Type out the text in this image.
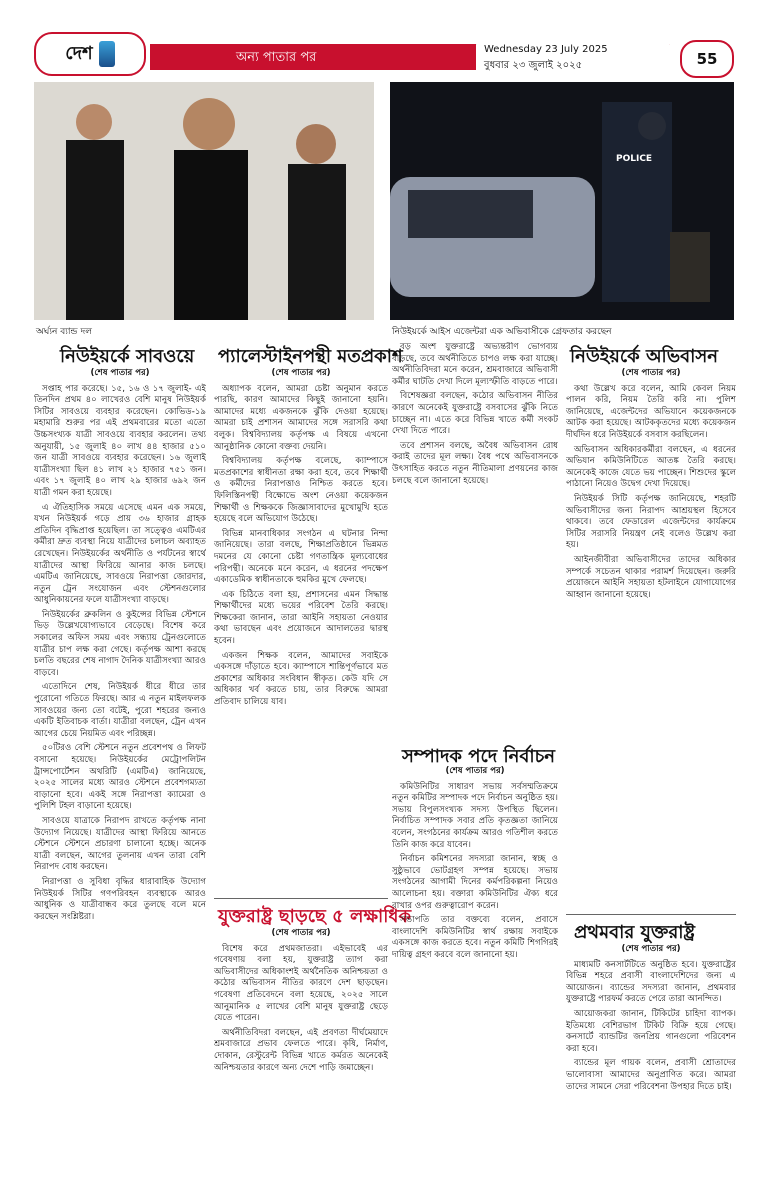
দেশ	অন্য পাতার পর
Wednesday 23 July 2025
বুধবার ২৩ জুলাই ২০২৫	55
অর্ঘ্যন ব্যান্ড দল
POLICE
নিউইয়র্কে আইস এজেন্টরা এক অভিবাসীকে গ্রেফতার করছেন
নিউইয়র্কে সাবওয়ে

(শেষ পাতার পর)

সপ্তাহ পার করেছে। ১৫, ১৬ ও ১৭ জুলাই- এই তিনদিন প্রথম ৪০ লাখেরও বেশি মানুষ নিউইয়র্ক সিটির সাবওয়ে ব্যবহার করেছেন। কোভিড-১৯ মহামারি শুরুর পর এই প্রথমবারের মতো এতো উচ্চসংখ্যক যাত্রী সাবওয়ে ব্যবহার করলেন। তথ্য অনুযায়ী, ১৫ জুলাই ৪০ লাখ ৪৪ হাজার ৫১০ জন যাত্রী সাবওয়ে ব্যবহার করেছেন। ১৬ জুলাই যাত্রীসংখ্যা ছিল ৪১ লাখ ২১ হাজার ৭৫১ জন। এবং ১৭ জুলাই ৪০ লাখ ২৯ হাজার ৬৯২ জন যাত্রী গমন করা হয়েছে।

এ ঐতিহাসিক সময়ে এসেছে এমন এক সময়ে, যখন নিউইয়র্ক গড়ে প্রায় ৩৬ হাজার গ্রাহক প্রতিদিন বৃদ্ধিপ্রাপ্ত হয়েছিল। তা সত্ত্বেও এমটিএর কর্মীরা দ্রুত ব্যবস্থা নিয়ে যাত্রীদের চলাচল অব্যাহত রেখেছেন। নিউইয়র্কের অর্থনীতি ও পর্যটনের স্বার্থে যাত্রীদের আস্থা ফিরিয়ে আনার কাজ চলছে। এমটিএ জানিয়েছে, সাবওয়ে নিরাপত্তা জোরদার, নতুন ট্রেন সংযোজন এবং স্টেশনগুলোর আধুনিকায়নের ফলে যাত্রীসংখ্যা বাড়ছে।

নিউইয়র্কের ব্রুকলিন ও কুইন্সের বিভিন্ন স্টেশনে ভিড় উল্লেখযোগ্যভাবে বেড়েছে। বিশেষ করে সকালের অফিস সময় এবং সন্ধ্যায় ট্রেনগুলোতে যাত্রীর চাপ লক্ষ করা গেছে। কর্তৃপক্ষ আশা করছে চলতি বছরের শেষ নাগাদ দৈনিক যাত্রীসংখ্যা আরও বাড়বে।

এতোদিনে শেষ, নিউইয়র্ক ধীরে ধীরে তার পুরোনো গতিতে ফিরছে। আর এ নতুন মাইলফলক সাবওয়ের জন্য তো বটেই, পুরো শহরের জন্যও একটি ইতিবাচক বার্তা। যাত্রীরা বলছেন, ট্রেন এখন আগের চেয়ে নিয়মিত এবং পরিচ্ছন্ন।

৫০টিরও বেশি স্টেশনে নতুন প্রবেশপথ ও লিফট বসানো হয়েছে। নিউইয়র্কের মেট্রোপলিটন ট্রান্সপোর্টেশন অথরিটি (এমটিএ) জানিয়েছে, ২০২৫ সালের মধ্যে আরও স্টেশনে প্রবেশগম্যতা বাড়ানো হবে। একই সঙ্গে নিরাপত্তা ক্যামেরা ও পুলিশি টহল বাড়ানো হয়েছে।

সাবওয়ে যাত্রাকে নিরাপদ রাখতে কর্তৃপক্ষ নানা উদ্যোগ নিয়েছে। যাত্রীদের আস্থা ফিরিয়ে আনতে স্টেশনে স্টেশনে প্রচারণা চালানো হচ্ছে। অনেক যাত্রী বলছেন, আগের তুলনায় এখন তারা বেশি নিরাপদ বোধ করছেন।

নিরাপত্তা ও সুবিধা বৃদ্ধির ধারাবাহিক উদ্যোগ নিউইয়র্ক সিটির গণপরিবহন ব্যবস্থাকে আরও আধুনিক ও যাত্রীবান্ধব করে তুলছে বলে মনে করছেন সংশ্লিষ্টরা।

প্যালেস্টাইনপন্থী মতপ্রকাশ

(শেষ পাতার পর)

অধ্যাপক বলেন, আমরা চেষ্টা অনুমান করতে পারছি, কারণ আমাদের কিছুই জানানো হয়নি। আমাদের মধ্যে একজনকে ঝুঁকি দেওয়া হয়েছে। আমরা চাই প্রশাসন আমাদের সঙ্গে সরাসরি কথা বলুক। বিশ্ববিদ্যালয় কর্তৃপক্ষ এ বিষয়ে এখনো আনুষ্ঠানিক কোনো বক্তব্য দেয়নি।

বিশ্ববিদ্যালয় কর্তৃপক্ষ বলেছে, ক্যাম্পাসে মতপ্রকাশের স্বাধীনতা রক্ষা করা হবে, তবে শিক্ষার্থী ও কর্মীদের নিরাপত্তাও নিশ্চিত করতে হবে। ফিলিস্তিনপন্থী বিক্ষোভে অংশ নেওয়া কয়েকজন শিক্ষার্থী ও শিক্ষককে জিজ্ঞাসাবাদের মুখোমুখি হতে হয়েছে বলে অভিযোগ উঠেছে।

বিভিন্ন মানবাধিকার সংগঠন এ ঘটনার নিন্দা জানিয়েছে। তারা বলছে, শিক্ষাপ্রতিষ্ঠানে ভিন্নমত দমনের যে কোনো চেষ্টা গণতান্ত্রিক মূল্যবোধের পরিপন্থী। অনেকে মনে করেন, এ ধরনের পদক্ষেপ একাডেমিক স্বাধীনতাকে হুমকির মুখে ফেলছে।

এক চিঠিতে বলা হয়, প্রশাসনের এমন সিদ্ধান্ত শিক্ষার্থীদের মধ্যে ভয়ের পরিবেশ তৈরি করছে। শিক্ষকেরা জানান, তারা আইনি সহায়তা নেওয়ার কথা ভাবছেন এবং প্রয়োজনে আদালতের দ্বারস্থ হবেন।

একজন শিক্ষক বলেন, আমাদের সবাইকে একসঙ্গে দাঁড়াতে হবে। ক্যাম্পাসে শান্তিপূর্ণভাবে মত প্রকাশের অধিকার সংবিধান স্বীকৃত। কেউ যদি সে অধিকার খর্ব করতে চায়, তার বিরুদ্ধে আমরা প্রতিবাদ চালিয়ে যাব।

যুক্তরাষ্ট্র ছাড়ছে ৫ লক্ষাধিক

(শেষ পাতার পর)

বিশেষ করে প্রথমজাতরা। এইভাবেই এর গবেষণায় বলা হয়, যুক্তরাষ্ট্র ত্যাগ করা অভিবাসীদের অধিকাংশই অর্থনৈতিক অনিশ্চয়তা ও কঠোর অভিবাসন নীতির কারণে দেশ ছাড়ছেন। গবেষণা প্রতিবেদনে বলা হয়েছে, ২০২৫ সালে আনুমানিক ৫ লাখের বেশি মানুষ যুক্তরাষ্ট্র ছেড়ে যেতে পারেন।

অর্থনীতিবিদরা বলছেন, এই প্রবণতা দীর্ঘমেয়াদে শ্রমবাজারে প্রভাব ফেলতে পারে। কৃষি, নির্মাণ, দোকান, রেস্টুরেন্ট বিভিন্ন খাতে কর্মরত অনেকেই অনিশ্চয়তার কারণে অন্য দেশে পাড়ি জমাচ্ছেন।

বড় অংশ যুক্তরাষ্ট্রে অভ্যন্তরীণ ভোগব্যয় বাড়ছে, তবে অর্থনীতিতে চাপও লক্ষ করা যাচ্ছে। অর্থনীতিবিদরা মনে করেন, শ্রমবাজারে অভিবাসী কর্মীর ঘাটতি দেখা দিলে মূল্যস্ফীতি বাড়তে পারে।

বিশেষজ্ঞরা বলছেন, কঠোর অভিবাসন নীতির কারণে অনেকেই যুক্তরাষ্ট্রে বসবাসের ঝুঁকি নিতে চাচ্ছেন না। এতে করে বিভিন্ন খাতে কর্মী সংকট দেখা দিতে পারে।

তবে প্রশাসন বলছে, অবৈধ অভিবাসন রোধ করাই তাদের মূল লক্ষ্য। বৈধ পথে অভিবাসনকে উৎসাহিত করতে নতুন নীতিমালা প্রণয়নের কাজ চলছে বলে জানানো হয়েছে।

সম্পাদক পদে নির্বাচন

(শেষ পাতার পর)

কমিউনিটির সাধারণ সভায় সর্বসম্মতিক্রমে নতুন কমিটির সম্পাদক পদে নির্বাচন অনুষ্ঠিত হয়। সভায় বিপুলসংখ্যক সদস্য উপস্থিত ছিলেন। নির্বাচিত সম্পাদক সবার প্রতি কৃতজ্ঞতা জানিয়ে বলেন, সংগঠনের কার্যক্রম আরও গতিশীল করতে তিনি কাজ করে যাবেন।

নির্বাচন কমিশনের সদস্যরা জানান, স্বচ্ছ ও সুষ্ঠুভাবে ভোটগ্রহণ সম্পন্ন হয়েছে। সভায় সংগঠনের আগামী দিনের কর্মপরিকল্পনা নিয়েও আলোচনা হয়। বক্তারা কমিউনিটির ঐক্য ধরে রাখার ওপর গুরুত্বারোপ করেন।

সভাপতি তার বক্তব্যে বলেন, প্রবাসে বাংলাদেশি কমিউনিটির স্বার্থ রক্ষায় সবাইকে একসঙ্গে কাজ করতে হবে। নতুন কমিটি শিগগিরই দায়িত্ব গ্রহণ করবে বলে জানানো হয়।

নিউইয়র্কে অভিবাসন

(শেষ পাতার পর)

কথা উল্লেখ করে বলেন, আমি কেবল নিয়ম পালন করি, নিয়ম তৈরি করি না। পুলিশ জানিয়েছে, এজেন্টদের অভিযানে কয়েকজনকে আটক করা হয়েছে। আটককৃতদের মধ্যে কয়েকজন দীর্ঘদিন ধরে নিউইয়র্কে বসবাস করছিলেন।

অভিবাসন অধিকারকর্মীরা বলছেন, এ ধরনের অভিযান কমিউনিটিতে আতঙ্ক তৈরি করছে। অনেকেই কাজে যেতে ভয় পাচ্ছেন। শিশুদের স্কুলে পাঠানো নিয়েও উদ্বেগ দেখা দিয়েছে।

নিউইয়র্ক সিটি কর্তৃপক্ষ জানিয়েছে, শহরটি অভিবাসীদের জন্য নিরাপদ আশ্রয়স্থল হিসেবে থাকবে। তবে ফেডারেল এজেন্টদের কার্যক্রমে সিটির সরাসরি নিয়ন্ত্রণ নেই বলেও উল্লেখ করা হয়।

আইনজীবীরা অভিবাসীদের তাদের অধিকার সম্পর্কে সচেতন থাকার পরামর্শ দিয়েছেন। জরুরি প্রয়োজনে আইনি সহায়তা হটলাইনে যোগাযোগের আহ্বান জানানো হয়েছে।

প্রথমবার যুক্তরাষ্ট্র

(শেষ পাতার পর)

মাধ্যমটি কনসার্টটিতে অনুষ্ঠিত হবে। যুক্তরাষ্ট্রের বিভিন্ন শহরে প্রবাসী বাংলাদেশিদের জন্য এ আয়োজন। ব্যান্ডের সদস্যরা জানান, প্রথমবার যুক্তরাষ্ট্রে পারফর্ম করতে পেরে তারা আনন্দিত।

আয়োজকরা জানান, টিকিটের চাহিদা ব্যাপক। ইতিমধ্যে বেশিরভাগ টিকিট বিক্রি হয়ে গেছে। কনসার্টে ব্যান্ডটির জনপ্রিয় গানগুলো পরিবেশন করা হবে।

ব্যান্ডের মূল গায়ক বলেন, প্রবাসী শ্রোতাদের ভালোবাসা আমাদের অনুপ্রাণিত করে। আমরা তাদের সামনে সেরা পরিবেশনা উপহার দিতে চাই।
